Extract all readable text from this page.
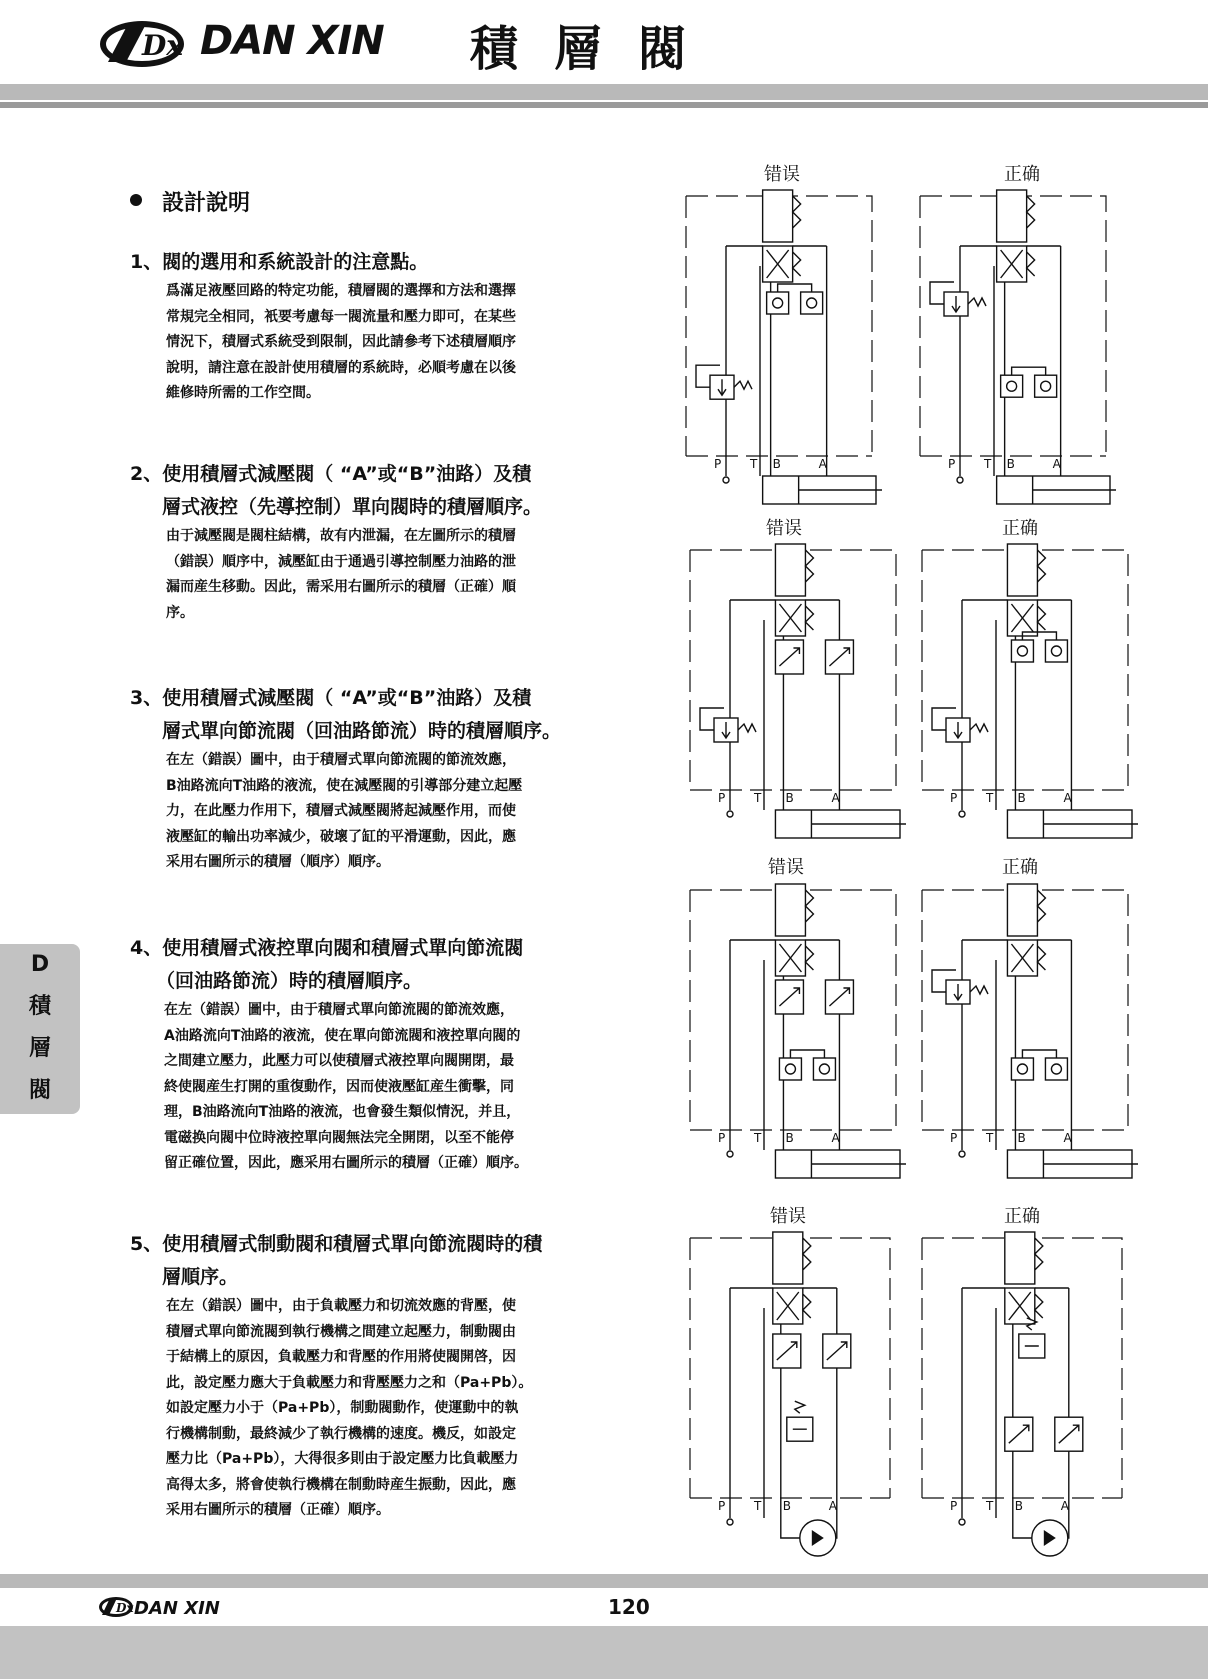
Dx DAN XIN 積層閥
D
積
層
閥
設計說明
1、閥的選用和系統設計的注意點。
爲滿足液壓回路的特定功能，積層閥的選擇和方法和選擇
常規完全相同，衹要考慮每一閥流量和壓力即可，在某些
情況下，積層式系統受到限制，因此請參考下述積層順序
說明，請注意在設計使用積層的系統時，必順考慮在以後
維修時所需的工作空間。
2、使用積層式減壓閥（ “A”或“B”油路）及積
層式液控（先導控制）單向閥時的積層順序。
由于減壓閥是閥柱結構，故有内泄漏，在左圖所示的積層
（錯誤）順序中，減壓缸由于通過引導控制壓力油路的泄
漏而産生移動。因此，需采用右圖所示的積層（正確）順
序。
3、使用積層式減壓閥（ “A”或“B”油路）及積
層式單向節流閥（回油路節流）時的積層順序。
在左（錯誤）圖中，由于積層式單向節流閥的節流效應，
B油路流向T油路的液流，使在減壓閥的引導部分建立起壓
力，在此壓力作用下，積層式減壓閥將起減壓作用，而使
液壓缸的輸出功率減少，破壞了缸的平滑運動，因此，應
采用右圖所示的積層（順序）順序。
4、使用積層式液控單向閥和積層式單向節流閥
（回油路節流）時的積層順序。
在左（錯誤）圖中，由于積層式單向節流閥的節流效應，
A油路流向T油路的液流，使在單向節流閥和液控單向閥的
之間建立壓力，此壓力可以使積層式液控單向閥開閉，最
終使閥産生打開的重復動作，因而使液壓缸産生衝擊，同
理，B油路流向T油路的液流，也會發生類似情況，并且，
電磁换向閥中位時液控單向閥無法完全開閉，以至不能停
留正確位置，因此，應采用右圖所示的積層（正確）順序。
5、使用積層式制動閥和積層式單向節流閥時的積
層順序。
在左（錯誤）圖中，由于負載壓力和切流效應的背壓，使
積層式單向節流閥到執行機構之間建立起壓力，制動閥由
于結構上的原因，負載壓力和背壓的作用將使閥開啓，因
此，設定壓力應大于負載壓力和背壓壓力之和（Pa+Pb）。
如設定壓力小于（Pa+Pb），制動閥動作，使運動中的執
行機構制動，最終減少了執行機構的速度。機反，如設定
壓力比（Pa+Pb），大得很多則由于設定壓力比負載壓力
高得太多，將會使執行機構在制動時産生振動，因此，應
采用右圖所示的積層（正確）順序。
错误	正确
错误	正确
错误	正确
错误	正确
P T B	A	P T B	A
P T B	A	P T B	A
P T B	A	P T B	A
P T B	A	P T B	A
Dx DAN XIN	120
